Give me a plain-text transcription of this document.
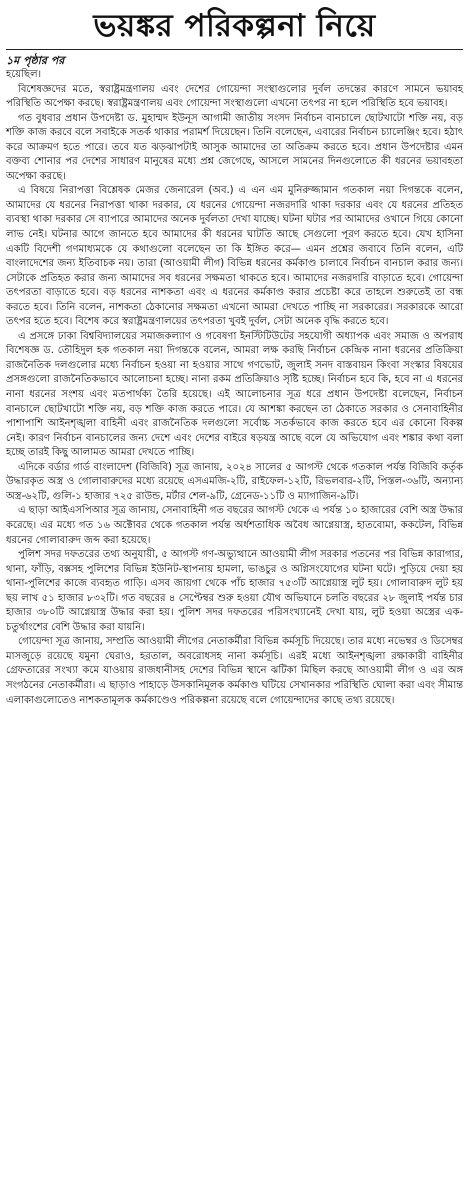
ভয়ঙ্কর পরিকল্পনা নিয়ে
১ম পৃষ্ঠার পর

হয়েছিল।

বিশেষজ্ঞদের মতে, স্বরাষ্ট্রমন্ত্রণালয় এবং দেশের গোয়েন্দা সংস্থাগুলোর দুর্বল তদন্তের কারণে সামনে ভয়াবহ পরিস্থিতি অপেক্ষা করছে। স্বরাষ্ট্রমন্ত্রণালয় এবং গোয়েন্দা সংস্থাগুলো এখনো তৎপর না হলে পরিস্থিতি হবে ভয়াবহ।

গত বুধবার প্রধান উপদেষ্টা ড. মুহাম্মদ ইউনূস আগামী জাতীয় সংসদ নির্বাচন বানচালে ছোটখাটো শক্তি নয়, বড় শক্তি কাজ করবে বলে সবাইকে সতর্ক থাকার পরামর্শ দিয়েছেন। তিনি বলেছেন, এবারের নির্বাচন চ্যালেঞ্জিং হবে। হঠাৎ করে আক্রমণ হতে পারে। তবে যত ঝড়ঝাপটাই আসুক আমাদের তা অতিক্রম করতে হবে। প্রধান উপদেষ্টার এমন বক্তব্য শোনার পর দেশের সাধারণ মানুষের মধ্যে প্রশ্ন জেগেছে, আসলে সামনের দিনগুলোতে কী ধরনের ভয়াবহতা অপেক্ষা করছে।

এ বিষয়ে নিরাপত্তা বিশ্লেষক মেজর জেনারেল (অব.) এ এন এম মুনিরুজ্জামান গতকাল নয়া দিগন্তকে বলেন, আমাদের যে ধরনের নিরাপত্তা থাকা দরকার, যে ধরনের গোয়েন্দা নজরদারি থাকা দরকার এবং যে ধরনের প্রতিহত ব্যবস্থা থাকা দরকার সে ব্যাপারে আমাদের অনেক দুর্বলতা দেখা যাচ্ছে। ঘটনা ঘটার পর আমাদের ওখানে গিয়ে কোনো লাভ নেই। ঘটনার আগে জানতে হবে আমাদের কী ধরনের ঘাটতি আছে সেগুলো পূরণ করতে হবে। যেখ হাসিনা একটি বিদেশী গণমাধ্যমকে যে কথাগুলো বলেছেন তা কি ইঙ্গিত করে— এমন প্রশ্নের জবাবে তিনি বলেন, এটি বাংলাদেশের জন্য ইতিবাচক নয়। তারা (আওয়ামী লীগ) বিভিন্ন ধরনের কর্মকাণ্ড চালাবে নির্বাচন বানচাল করার জন্য। সেটাকে প্রতিহত করার জন্য আমাদের সব ধরনের সক্ষমতা থাকতে হবে। আমাদের নজরদারি বাড়াতে হবে। গোয়েন্দা তৎপরতা বাড়াতে হবে। বড় ধরনের নাশকতা এবং এ ধরনের কর্মকাণ্ড করার প্রচেষ্টা করে তাহলে শুরুতেই তা বন্ধ করতে হবে। তিনি বলেন, নাশকতা ঠেকানোর সক্ষমতা এখনো আমরা দেখতে পাচ্ছি না সরকারের। সরকারকে আরো তৎপর হতে হবে। বিশেষ করে স্বরাষ্ট্রমন্ত্রণালয়ের তৎপরতা খুবই দুর্বল, সেটা অনেক বৃদ্ধি করতে হবে।

এ প্রসঙ্গে ঢাকা বিশ্ববিদ্যালয়ের সমাজকল্যাণ ও গবেষণা ইনস্টিটিউটের সহযোগী অধ্যাপক এবং সমাজ ও অপরাধ বিশেষজ্ঞ ড. তৌহিদুল হক গতকাল নয়া দিগন্তকে বলেন, আমরা লক্ষ করছি নির্বাচন কেন্দ্রিক নানা ধরনের প্রতিক্রিয়া রাজনৈতিক দলগুলোর মধ্যে নির্বাচন হওয়া না হওয়ার সাথে গণভোট, জুলাই সনদ বাস্তবায়ন কিংবা সংস্কার বিষয়ের প্রসঙ্গগুলো রাজনৈতিকভাবে আলোচনা হচ্ছে। নানা রকম প্রতিক্রিয়াও সৃষ্টি হচ্ছে। নির্বাচন হবে কি, হবে না এ ধরনের নানা ধরনের সংশয় এবং মতপার্থক্য তৈরি হয়েছে। এই আলোচনার সূত্র ধরে প্রধান উপদেষ্টা বলেছেন, নির্বাচন বানচালে ছোটখাটো শক্তি নয়, বড় শক্তি কাজ করতে পারে। যে আশঙ্কা করছেন তা ঠেকাতে সরকার ও সেনাবাহিনীর পাশাপাশি আইনশৃঙ্খলা বাহিনী এবং রাজনৈতিক দলগুলো সর্বোচ্চ সতর্কভাবে কাজ করতে হবে এর কোনো বিকল্প নেই। কারণ নির্বাচন বানচালের জন্য দেশে এবং দেশের বাইরে ষড়যন্ত্র আছে বলে যে অভিযোগ এবং শঙ্কার কথা বলা হচ্ছে তারই কিছু আলামত আমরা দেখতে পাচ্ছি।

এদিকে বর্ডার গার্ড বাংলাদেশ (বিজিবি) সূত্র জানায়, ২০২৪ সালের ৫ আগস্ট থেকে গতকাল পর্যন্ত বিজিবি কর্তৃক উদ্ধারকৃত অস্ত্র ও গোলাবারুদের মধ্যে রয়েছে এসএমজি-২টি, রাইফেল-১২টি, রিভলবার-২টি, পিস্তল-৩৬টি, অন্যান্য অস্ত্র-৬২টি, গুলি-১ হাজার ৭২৫ রাউন্ড, মর্টার শেল-৯টি, গ্রেনেড-১১টি ও ম্যাগাজিন-৯টি।

এ ছাড়া আইএসপিআর সূত্র জানায়, সেনাবাহিনী গত বছরের আগস্ট থেকে এ পর্যন্ত ১০ হাজারের বেশি অস্ত্র উদ্ধার করেছে। এর মধ্যে গত ১৬ অক্টোবর থেকে গতকাল পর্যন্ত অর্ধশতাধিক অবৈধ আগ্নেয়াস্ত্র, হাতবোমা, ককটেল, বিভিন্ন ধরনের গোলাবারুদ জব্দ করা হয়েছে।

পুলিশ সদর দফতরের তথ্য অনুযায়ী, ৫ আগস্ট গণ-অভ্যুত্থানে আওয়ামী লীগ সরকার পতনের পর বিভিন্ন কারাগার, থানা, ফাঁড়ি, বক্সসহ পুলিশের বিভিন্ন ইউনিট-স্থাপনায় হামলা, ভাঙচুর ও অগ্নিসংযোগের ঘটনা ঘটে। পুড়িয়ে দেয়া হয় থানা-পুলিশের কাজে ব্যবহৃত গাড়ি। এসব জায়গা থেকে পাঁচ হাজার ৭৫৩টি আগ্নেয়াস্ত্র লুট হয়। গোলাবারুদ লুট হয় ছয় লাখ ৫১ হাজার ৮৩২টি। গত বছরের ৪ সেপ্টেম্বর শুরু হওয়া যৌথ অভিযানে চলতি বছরের ২৮ জুলাই পর্যন্ত চার হাজার ৩৮০টি আগ্নেয়াস্ত্র উদ্ধার করা হয়। পুলিশ সদর দফতরের পরিসংখ্যানেই দেখা যায়, লুট হওয়া অস্ত্রের এক-চতুর্থাংশের বেশি উদ্ধার করা যায়নি।

গোয়েন্দা সূত্র জানায়, সম্প্রতি আওয়ামী লীগের নেতাকর্মীরা বিভিন্ন কর্মসূচি দিয়েছে। তার মধ্যে নভেম্বর ও ডিসেম্বর মাসজুড়ে রয়েছে যমুনা ঘেরাও, হরতাল, অবরোধসহ নানা কর্মসূচি। এরই মধ্যে আইনশৃঙ্খলা রক্ষাকারী বাহিনীর গ্রেফতারের সংখ্যা কমে যাওয়ায় রাজধানীসহ দেশের বিভিন্ন স্থানে ঝটিকা মিছিল করছে আওয়ামী লীগ ও এর অঙ্গ সংগঠনের নেতাকর্মীরা। এ ছাড়াও পাহাড়ে উসকানিমূলক কর্মকাণ্ড ঘটিয়ে সেখানকার পরিস্থিতি ঘোলা করা এবং সীমান্ত এলাকাগুলোতেও নাশকতামূলক কর্মকাণ্ডেও পরিকল্পনা রয়েছে বলে গোয়েন্দাদের কাছে তথ্য রয়েছে।
